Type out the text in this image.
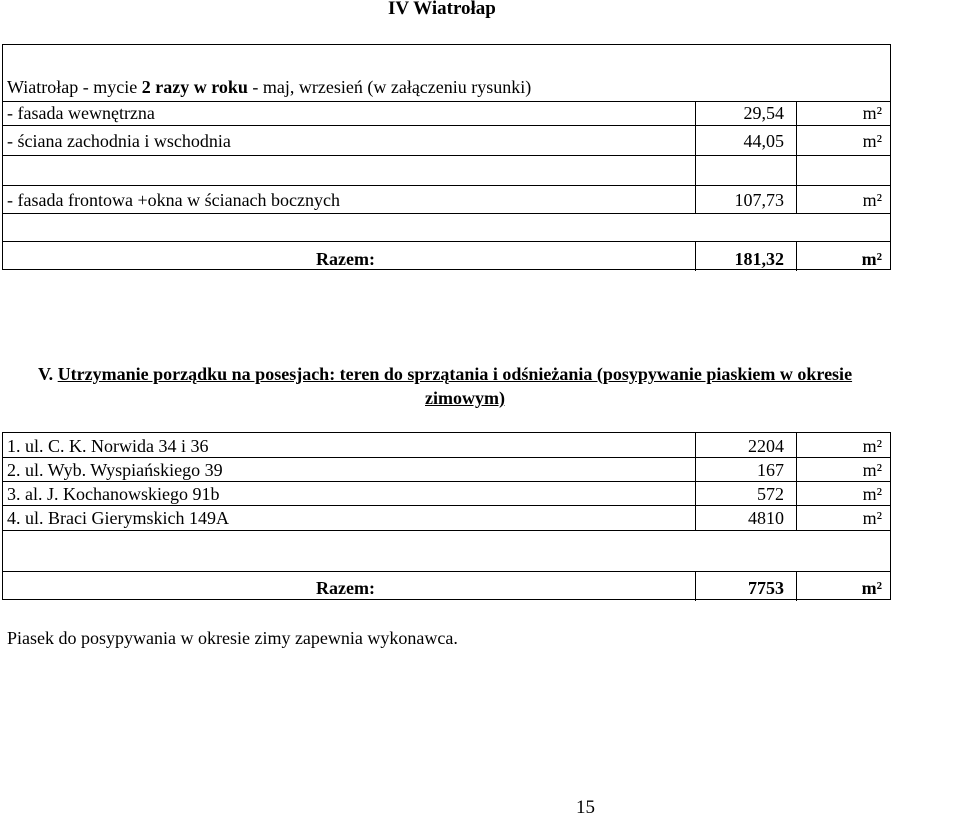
IV Wiatrołap
Wiatrołap - mycie 2 razy w roku - maj, wrzesień (w załączeniu rysunki)
- fasada wewnętrzna	29,54	m²
- ściana zachodnia i wschodnia	44,05	m²
- fasada frontowa +okna w ścianach bocznych	107,73	m²
Razem:	181,32	m²
V. Utrzymanie porządku na posesjach: teren do sprzątania i odśnieżania (posypywanie piaskiem w okresie
zimowym)
1. ul. C. K. Norwida 34 i 36	2204	m²
2. ul. Wyb. Wyspiańskiego 39	167	m²
3. al. J. Kochanowskiego 91b	572	m²
4. ul. Braci Gierymskich 149A	4810	m²
Razem:	7753	m²
Piasek do posypywania w okresie zimy zapewnia wykonawca.
15
